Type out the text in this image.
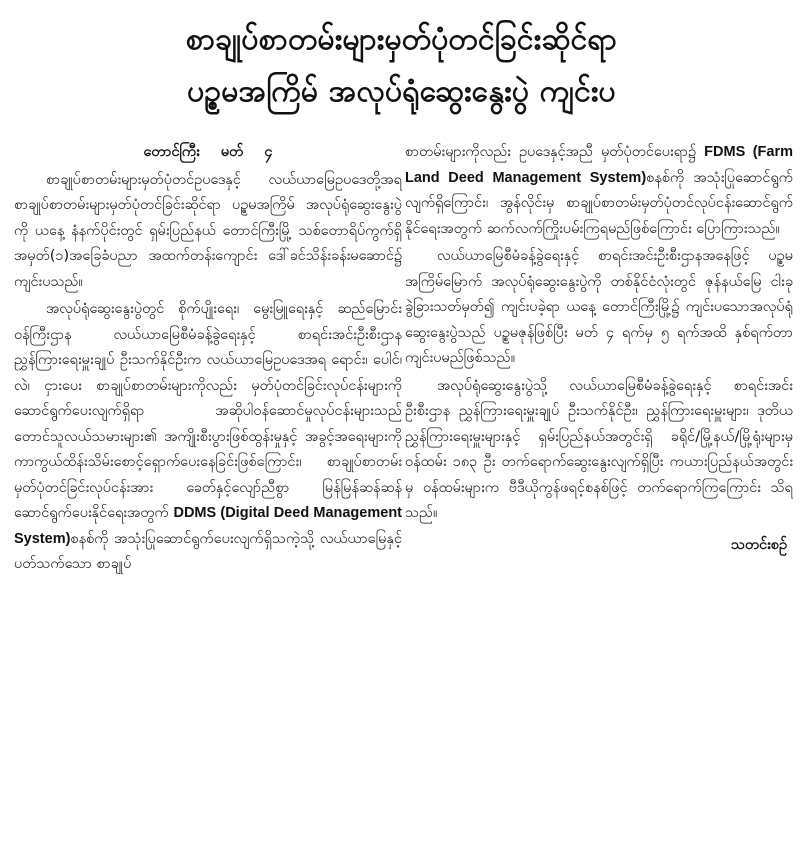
စာချုပ်စာတမ်းများမှတ်ပုံတင်ခြင်းဆိုင်ရာ
ပဉ္စမအကြိမ် အလုပ်ရုံဆွေးနွေးပွဲ ကျင်းပ
တောင်ကြီး မတ် ၄

စာချုပ်စာတမ်းများမှတ်ပုံတင်ဥပဒေနှင့် လယ်ယာမြေဥပဒေတို့အရ စာချုပ်စာတမ်းများမှတ်ပုံတင်ခြင်းဆိုင်ရာ ပဉ္စမအကြိမ် အလုပ်ရုံဆွေးနွေးပွဲကို ယနေ့ နံနက်ပိုင်းတွင် ရှမ်းပြည်နယ် တောင်ကြီးမြို့ သစ်တောရိပ်ကွက်ရှိ အမှတ်(၁)အခြေခံပညာ အထက်တန်းကျောင်း ဒေါ်ခင်သိန်းခန်းမဆောင်၌ ကျင်းပသည်။

အလုပ်ရုံဆွေးနွေးပွဲတွင် စိုက်ပျိုးရေး၊ မွေးမြူရေးနှင့် ဆည်မြောင်းဝန်ကြီးဌာန လယ်ယာမြေစီမံခန့်ခွဲရေးနှင့် စာရင်းအင်းဦးစီးဌာန ညွှန်ကြားရေးမှူးချုပ် ဦးသက်နိုင်ဦးက လယ်ယာမြေဥပဒေအရ ရောင်း၊ ပေါင်၊ လဲ၊ ငှားပေး စာချုပ်စာတမ်းများကိုလည်း မှတ်ပုံတင်ခြင်းလုပ်ငန်းများကို ဆောင်ရွက်ပေးလျက်ရှိရာ အဆိုပါဝန်ဆောင်မှုလုပ်ငန်းများသည် တောင်သူလယ်သမားများ၏ အကျိုးစီးပွားဖြစ်ထွန်းမှုနှင့် အခွင့်အရေးများကို ကာကွယ်ထိန်းသိမ်းစောင့်ရှောက်ပေးနေခြင်းဖြစ်ကြောင်း၊ စာချုပ်စာတမ်းမှတ်ပုံတင်ခြင်းလုပ်ငန်းအား ခေတ်နှင့်လျော်ညီစွာ မြန်မြန်ဆန်ဆန်ဆောင်ရွက်ပေးနိုင်ရေးအတွက် DDMS (Digital Deed Management System)စနစ်ကို အသုံးပြုဆောင်ရွက်ပေးလျက်ရှိသကဲ့သို့ လယ်ယာမြေနှင့်ပတ်သက်သော စာချုပ်

စာတမ်းများကိုလည်း ဥပဒေနှင့်အညီ မှတ်ပုံတင်ပေးရာ၌ FDMS (Farm Land Deed Management System)စနစ်ကို အသုံးပြုဆောင်ရွက်လျက်ရှိကြောင်း၊ အွန်လိုင်းမှ စာချုပ်စာတမ်းမှတ်ပုံတင်လုပ်ငန်းဆောင်ရွက်နိုင်ရေးအတွက် ဆက်လက်ကြိုးပမ်းကြရမည်ဖြစ်ကြောင်း ပြောကြားသည်။

လယ်ယာမြေစီမံခန့်ခွဲရေးနှင့် စာရင်းအင်းဦးစီးဌာနအနေဖြင့် ပဉ္စမအကြိမ်မြောက် အလုပ်ရုံဆွေးနွေးပွဲကို တစ်နိုင်ငံလုံးတွင် ဇုန်နယ်မြေ ငါးခုခွဲခြားသတ်မှတ်၍ ကျင်းပခဲ့ရာ ယနေ့ တောင်ကြီးမြို့၌ ကျင်းပသောအလုပ်ရုံဆွေးနွေးပွဲသည် ပဉ္စမဇုန်ဖြစ်ပြီး မတ် ၄ ရက်မှ ၅ ရက်အထိ နှစ်ရက်တာ ကျင်းပမည်ဖြစ်သည်။

အလုပ်ရုံဆွေးနွေးပွဲသို့ လယ်ယာမြေစီမံခန့်ခွဲရေးနှင့် စာရင်းအင်းဦးစီးဌာန ညွှန်ကြားရေးမှူးချုပ် ဦးသက်နိုင်ဦး၊ ညွှန်ကြားရေးမှူးများ၊ ဒုတိယညွှန်ကြားရေးမှူးများနှင့် ရှမ်းပြည်နယ်အတွင်းရှိ ခရိုင်/မြို့နယ်/မြို့ရုံးများမှ ဝန်ထမ်း ၁၈၃ ဦး တက်ရောက်ဆွေးနွေးလျက်ရှိပြီး ကယားပြည်နယ်အတွင်းမှ ဝန်ထမ်းများက ဗီဒီယိုကွန်ဖရင့်စနစ်ဖြင့် တက်ရောက်ကြကြောင်း သိရသည်။

သတင်းစဉ်
